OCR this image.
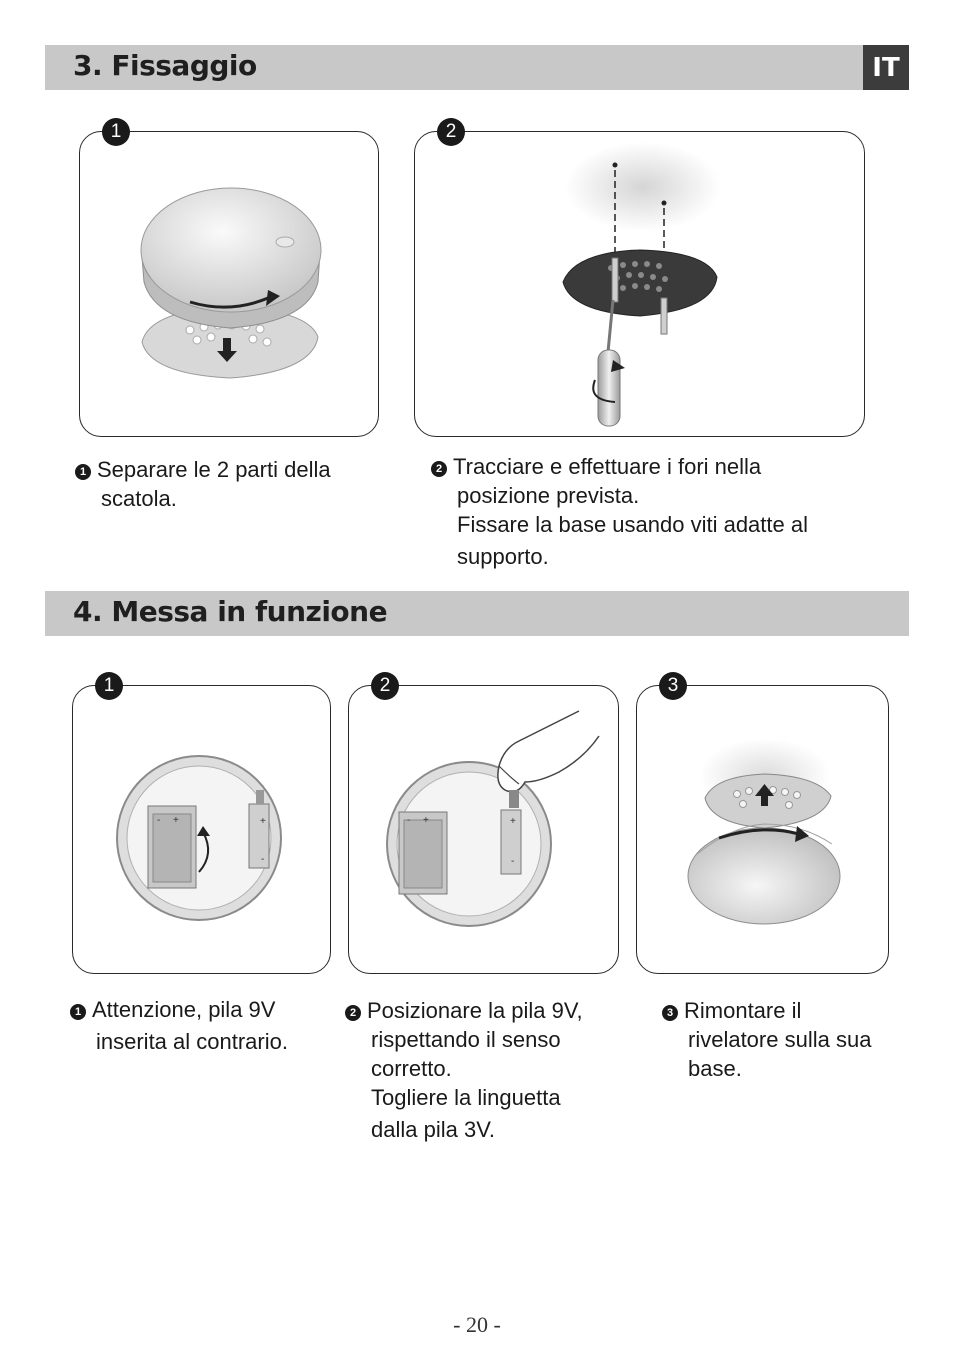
3. Fissaggio	IT
1	2
1 Separare le 2 parti della
scatola.
2 Tracciare e effettuare i fori nella
posizione prevista.
Fissare la base usando viti adatte al
supporto.
4. Messa in funzione
- +	+
-
1
- +	+
-
2	3
1 Attenzione, pila 9V
inserita al contrario.
2 Posizionare la pila 9V,
rispettando il senso
corretto.
Togliere la linguetta
dalla pila 3V.
3 Rimontare il
rivelatore sulla sua
base.
- 20 -
